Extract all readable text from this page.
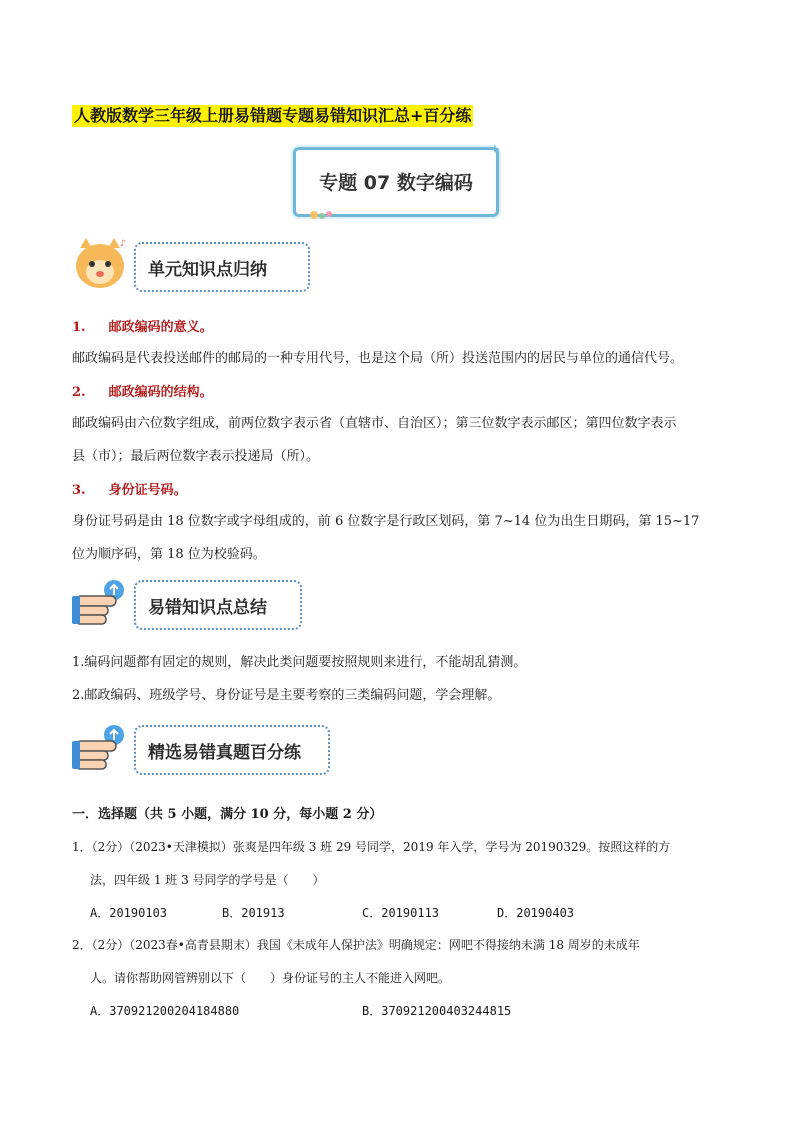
人教版数学三年级上册易错题专题易错知识汇总+百分练
专题 07 数字编码
♪
单元知识点归纳
1. 邮政编码的意义。
邮政编码是代表投送邮件的邮局的一种专用代号，也是这个局（所）投送范围内的居民与单位的通信代号。
2. 邮政编码的结构。
邮政编码由六位数字组成，前两位数字表示省（直辖市、自治区）；第三位数字表示邮区；第四位数字表示
县（市）；最后两位数字表示投递局（所）。
3. 身份证号码。
身份证号码是由 18 位数字或字母组成的，前 6 位数字是行政区划码，第 7~14 位为出生日期码，第 15~17
位为顺序码，第 18 位为校验码。
易错知识点总结
1.编码问题都有固定的规则，解决此类问题要按照规则来进行，不能胡乱猜测。
2.邮政编码、班级学号、身份证号是主要考察的三类编码问题，学会理解。
精选易错真题百分练
一．选择题（共 5 小题，满分 10 分，每小题 2 分）
1．（2分）（2023•天津模拟）张爽是四年级 3 班 29 号同学，2019 年入学，学号为 20190329。按照这样的方
法，四年级 1 班 3 号同学的学号是（　　）
A．20190103	B．201913	C．20190113	D．20190403
2．（2分）（2023春•高青县期末）我国《未成年人保护法》明确规定：网吧不得接纳未满 18 周岁的未成年
人。请你帮助网管辨别以下（　　）身份证号的主人不能进入网吧。
A．370921200204184880	B．370921200403244815
